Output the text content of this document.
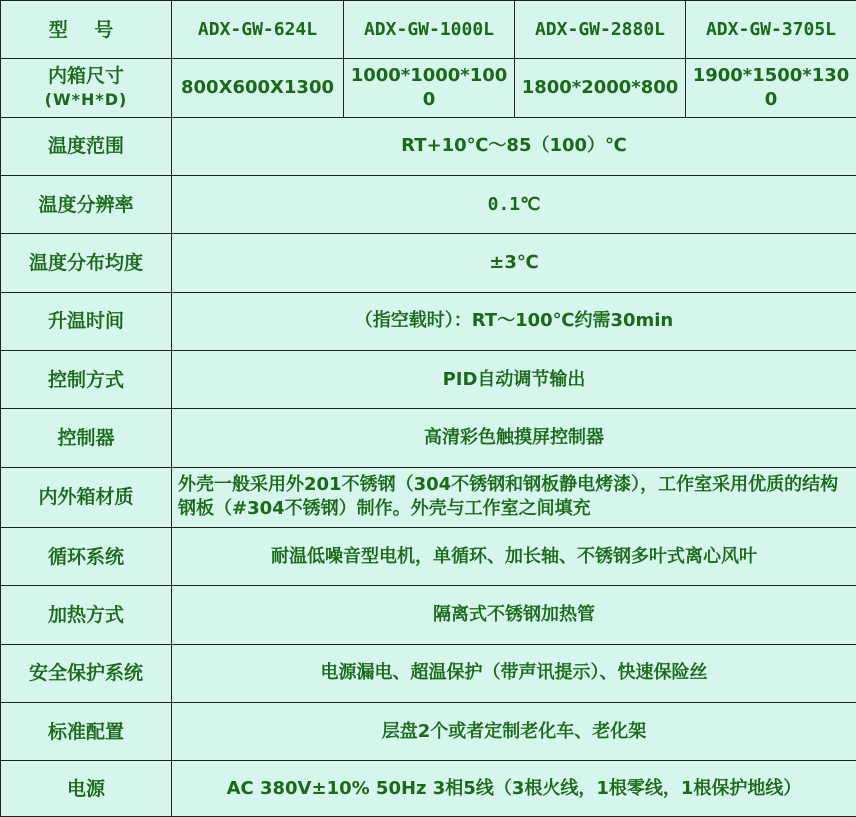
型 号	ADX-GW-624L	ADX-GW-1000L	ADX-GW-2880L	ADX-GW-3705L
内箱尺寸
(W*H*D)	800X600X1300	1000*1000*1000	1800*2000*800	1900*1500*1300
温度范围	RT+10℃～85（100）℃			
温度分辨率	0.1℃			
温度分布均度	±3℃			
升温时间	（指空载时）：RT～100℃约需30min			
控制方式	PID自动调节输出			
控制器	高清彩色触摸屏控制器			
内外箱材质	外壳一般采用外201不锈钢（304不锈钢和钢板静电烤漆），工作室采用优质的结构钢板（#304不锈钢）制作。外壳与工作室之间填充			
循环系统	耐温低噪音型电机，单循环、加长轴、不锈钢多叶式离心风叶			
加热方式	隔离式不锈钢加热管			
安全保护系统	电源漏电、超温保护（带声讯提示）、快速保险丝			
标准配置	层盘2个或者定制老化车、老化架			
电源	AC 380V±10% 50Hz 3相5线（3根火线，1根零线，1根保护地线）			
